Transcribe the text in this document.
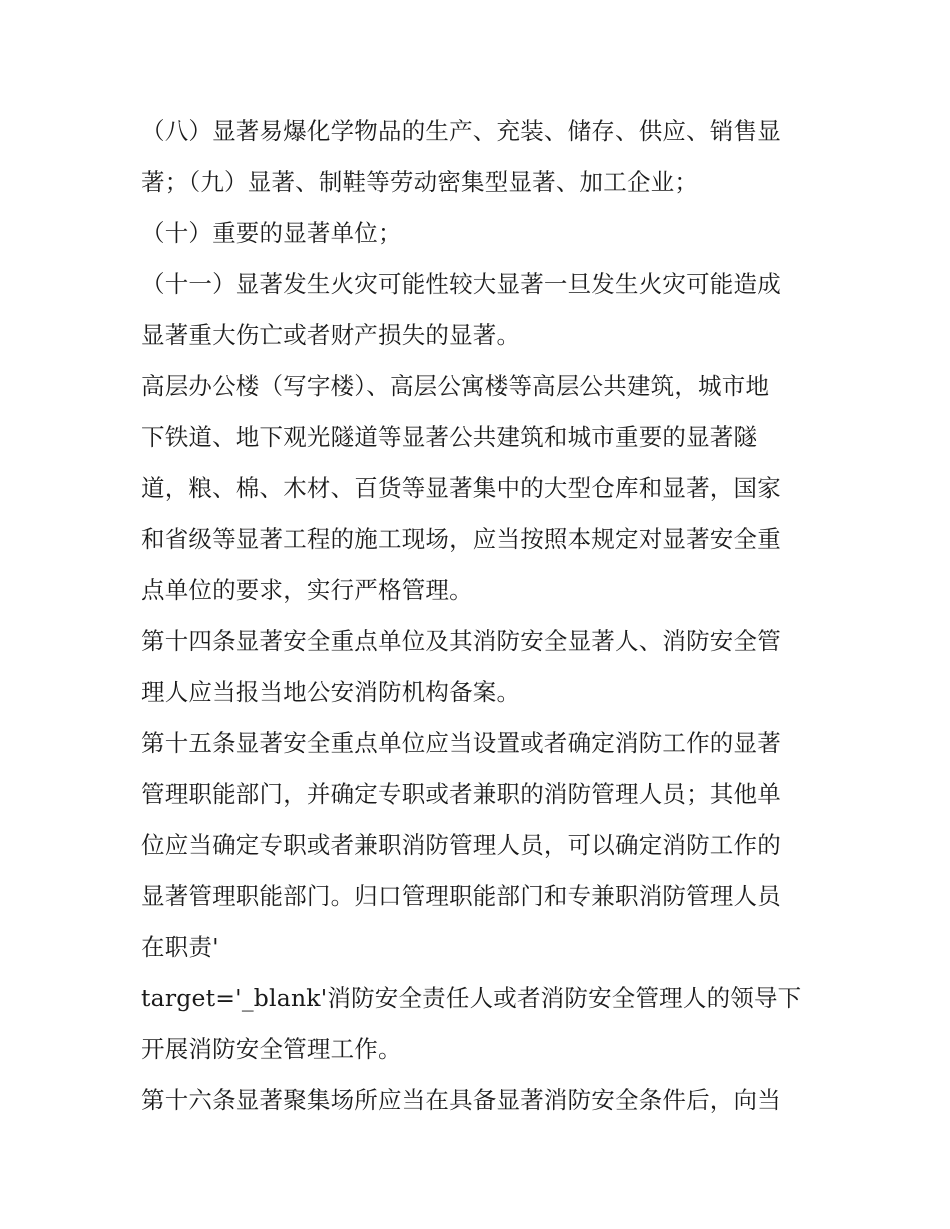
（八）显著易爆化学物品的生产、充装、储存、供应、销售显
著；（九）显著、制鞋等劳动密集型显著、加工企业；
（十）重要的显著单位；
（十一）显著发生火灾可能性较大显著一旦发生火灾可能造成
显著重大伤亡或者财产损失的显著。
高层办公楼（写字楼）、高层公寓楼等高层公共建筑，城市地
下铁道、地下观光隧道等显著公共建筑和城市重要的显著隧
道，粮、棉、木材、百货等显著集中的大型仓库和显著，国家
和省级等显著工程的施工现场，应当按照本规定对显著安全重
点单位的要求，实行严格管理。
第十四条显著安全重点单位及其消防安全显著人、消防安全管
理人应当报当地公安消防机构备案。
第十五条显著安全重点单位应当设置或者确定消防工作的显著
管理职能部门，并确定专职或者兼职的消防管理人员；其他单
位应当确定专职或者兼职消防管理人员，可以确定消防工作的
显著管理职能部门。归口管理职能部门和专兼职消防管理人员
在职责'
target='_blank'消防安全责任人或者消防安全管理人的领导下
开展消防安全管理工作。
第十六条显著聚集场所应当在具备显著消防安全条件后，向当
